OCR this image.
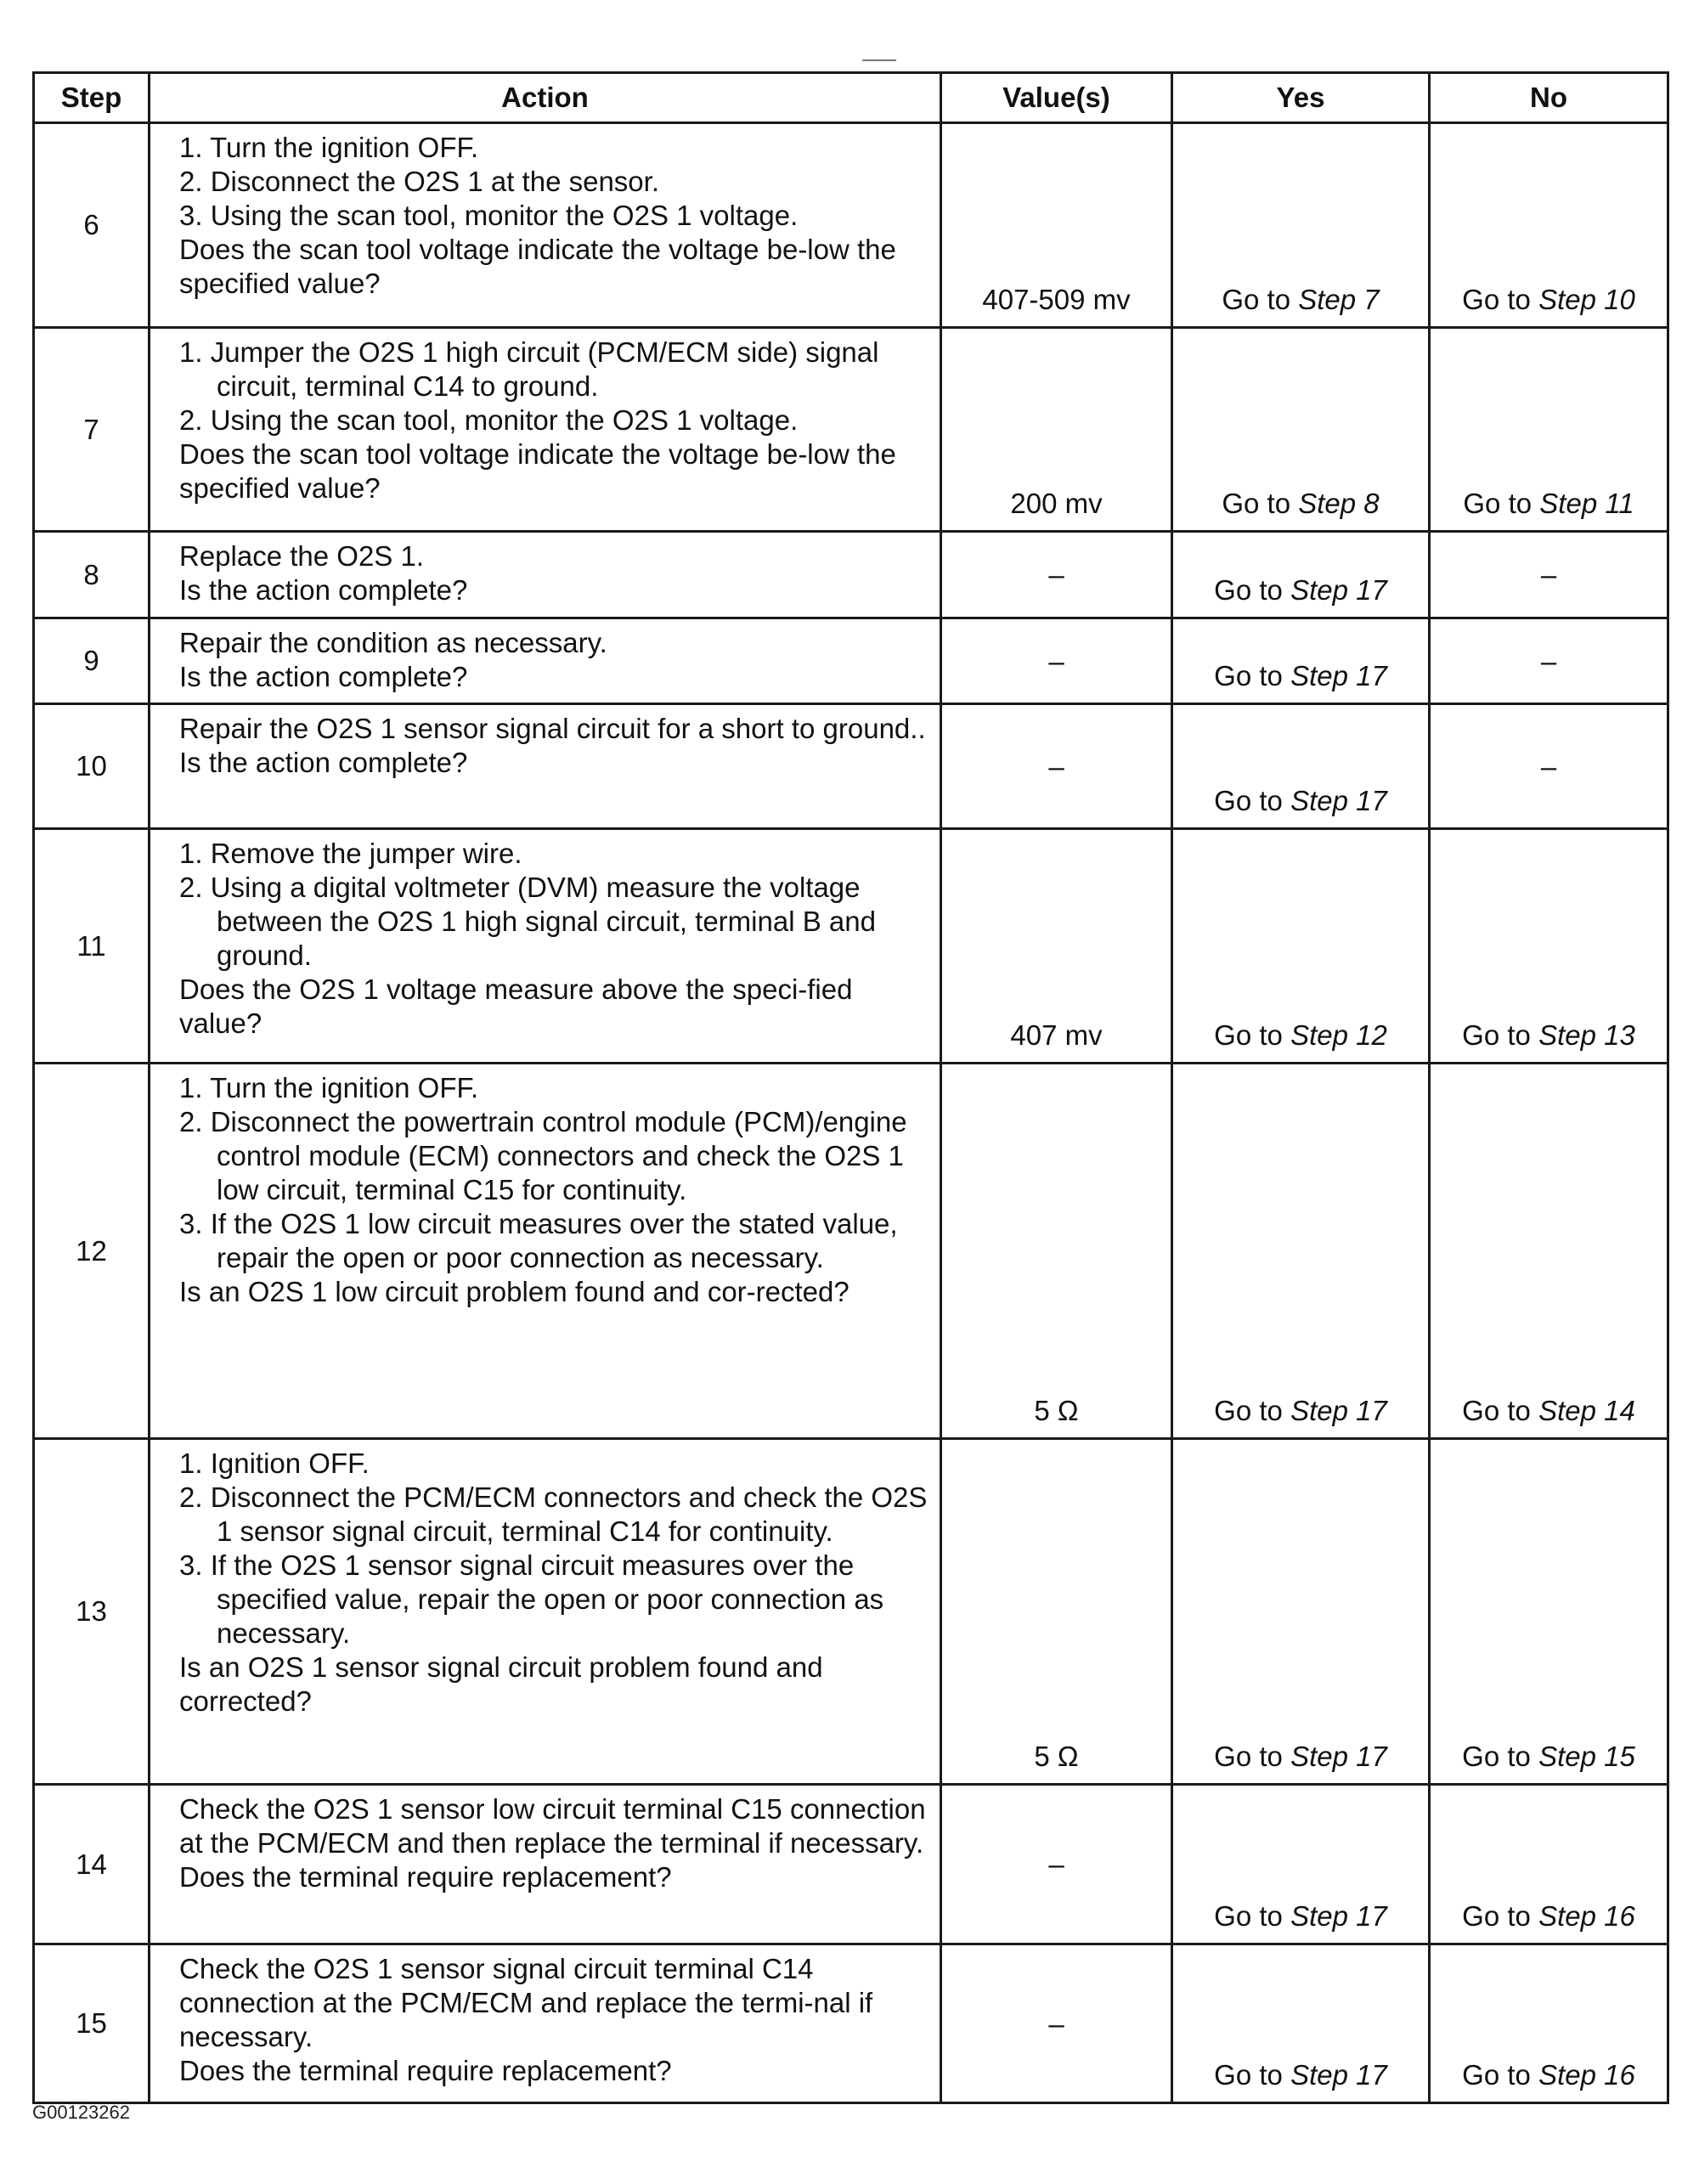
Step	Action	Value(s)	Yes	No
6	1. Turn the ignition OFF.
2. Disconnect the O2S 1 at the sensor.
3. Using the scan tool, monitor the O2S 1 voltage.
Does the scan tool voltage indicate the voltage be-low the specified value?	407-509 mv	Go to Step 7	Go to Step 10
7	1. Jumper the O2S 1 high circuit (PCM/ECM side) signal circuit, terminal C14 to ground.
2. Using the scan tool, monitor the O2S 1 voltage.
Does the scan tool voltage indicate the voltage be-low the specified value?	200 mv	Go to Step 8	Go to Step 11
8	Replace the O2S 1.
Is the action complete?	–	Go to Step 17	–
9	Repair the condition as necessary.
Is the action complete?	–	Go to Step 17	–
10	Repair the O2S 1 sensor signal circuit for a short to ground..
Is the action complete?	–	Go to Step 17	–
11	1. Remove the jumper wire.
2. Using a digital voltmeter (DVM) measure the voltage between the O2S 1 high signal circuit, terminal B and ground.
Does the O2S 1 voltage measure above the speci-fied value?	407 mv	Go to Step 12	Go to Step 13
12	1. Turn the ignition OFF.
2. Disconnect the powertrain control module (PCM)/engine control module (ECM) connectors and check the O2S 1 low circuit, terminal C15 for continuity.
3. If the O2S 1 low circuit measures over the stated value, repair the open or poor connection as necessary.
Is an O2S 1 low circuit problem found and cor-rected?	5 Ω	Go to Step 17	Go to Step 14
13	1. Ignition OFF.
2. Disconnect the PCM/ECM connectors and check the O2S 1 sensor signal circuit, terminal C14 for continuity.
3. If the O2S 1 sensor signal circuit measures over the specified value, repair the open or poor connection as necessary.
Is an O2S 1 sensor signal circuit problem found and corrected?	5 Ω	Go to Step 17	Go to Step 15
14	Check the O2S 1 sensor low circuit terminal C15 connection at the PCM/ECM and then replace the terminal if necessary.
Does the terminal require replacement?	–	Go to Step 17	Go to Step 16
15	Check the O2S 1 sensor signal circuit terminal C14 connection at the PCM/ECM and replace the termi-nal if necessary.
Does the terminal require replacement?	–	Go to Step 17	Go to Step 16
G00123262
